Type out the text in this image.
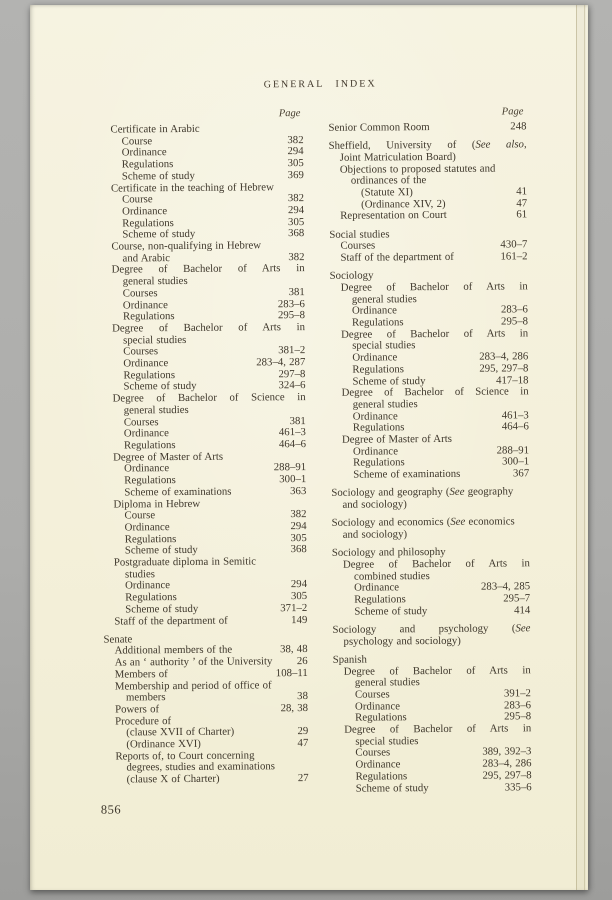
GENERAL INDEX
Page	Page
Certificate in Arabic
Course	382
Ordinance	294
Regulations	305
Scheme of study	369
Certificate in the teaching of Hebrew
Course	382
Ordinance	294
Regulations	305
Scheme of study	368
Course, non-qualifying in Hebrew
and Arabic	382
Degree of Bachelor of Arts in
general studies
Courses	381
Ordinance	283–6
Regulations	295–8
Degree of Bachelor of Arts in
special studies
Courses	381–2
Ordinance	283–4, 287
Regulations	297–8
Scheme of study	324–6
Degree of Bachelor of Science in
general studies
Courses	381
Ordinance	461–3
Regulations	464–6
Degree of Master of Arts
Ordinance	288–91
Regulations	300–1
Scheme of examinations	363
Diploma in Hebrew
Course	382
Ordinance	294
Regulations	305
Scheme of study	368
Postgraduate diploma in Semitic
studies
Ordinance	294
Regulations	305
Scheme of study	371–2
Staff of the department of	149
Senate
Additional members of the	38, 48
As an ‘ authority ’ of the University	26
Members of	108–11
Membership and period of office of
members	38
Powers of	28, 38
Procedure of
(clause XVII of Charter)	29
(Ordinance XVI)	47
Reports of, to Court concerning
degrees, studies and examinations
(clause X of Charter)	27
Senior Common Room	248
Sheffield, University of (See also,
Joint Matriculation Board)
Objections to proposed statutes and
ordinances of the
(Statute XI)	41
(Ordinance XIV, 2)	47
Representation on Court	61
Social studies
Courses	430–7
Staff of the department of	161–2
Sociology
Degree of Bachelor of Arts in
general studies
Ordinance	283–6
Regulations	295–8
Degree of Bachelor of Arts in
special studies
Ordinance	283–4, 286
Regulations	295, 297–8
Scheme of study	417–18
Degree of Bachelor of Science in
general studies
Ordinance	461–3
Regulations	464–6
Degree of Master of Arts
Ordinance	288–91
Regulations	300–1
Scheme of examinations	367
Sociology and geography (See geography
and sociology)
Sociology and economics (See economics
and sociology)
Sociology and philosophy
Degree of Bachelor of Arts in
combined studies
Ordinance	283–4, 285
Regulations	295–7
Scheme of study	414
Sociology and psychology (See
psychology and sociology)
Spanish
Degree of Bachelor of Arts in
general studies
Courses	391–2
Ordinance	283–6
Regulations	295–8
Degree of Bachelor of Arts in
special studies
Courses	389, 392–3
Ordinance	283–4, 286
Regulations	295, 297–8
Scheme of study	335–6
856
